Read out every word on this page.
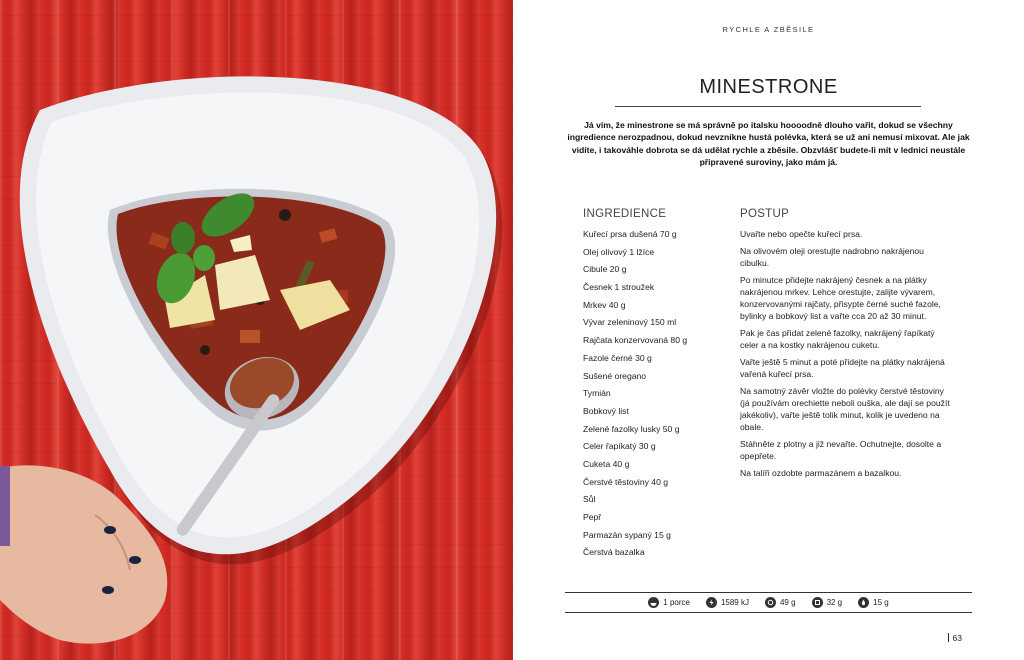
RYCHLE A ZBĚSILE
MINESTRONE

Já vím, že minestrone se má správně po italsku hoooodně dlouho vařit, dokud se všechny ingredience nerozpadnou, dokud nevznikne hustá polévka, která se už ani nemusí mixovat. Ale jak vidíte, i takováhle dobrota se dá udělat rychle a zběsile. Obzvlášť budete-li mít v lednici neustále připravené suroviny, jako mám já.

INGREDIENCE
Kuřecí prsa dušená 70 g
Olej olivový 1 lžíce
Cibule 20 g
Česnek 1 stroužek
Mrkev 40 g
Vývar zeleninový 150 ml
Rajčata konzervovaná 80 g
Fazole černé 30 g
Sušené oregano
Tymián
Bobkový list
Zelené fazolky lusky 50 g
Celer řapíkatý 30 g
Cuketa 40 g
Čerstvé těstoviny 40 g
Sůl
Pepř
Parmazán sypaný 15 g
Čerstvá bazalka
POSTUP

Uvařte nebo opečte kuřecí prsa.

Na olivovém oleji orestujte nadrobno nakrájenou cibulku.

Po minutce přidejte nakrájený česnek a na plátky nakrájenou mrkev. Lehce orestujte, zalijte vývarem, konzervovanými rajčaty, přisypte černé suché fazole, bylinky a bobkový list a vařte cca 20 až 30 minut.

Pak je čas přidat zelené fazolky, nakrájený řapíkatý celer a na kostky nakrájenou cuketu.

Vařte ještě 5 minut a poté přidejte na plátky nakrájená vařená kuřecí prsa.

Na samotný závěr vložte do polévky čerstvé těstoviny (já používám orechiette neboli ouška, ale dají se použít jakékoliv), vařte ještě tolik minut, kolik je uvedeno na obale.

Stáhněte z plotny a již nevařte. Ochutnejte, dosolte a opepřete.

Na talíři ozdobte parmazánem a bazalkou.

1 porce	1589 kJ	49 g	32 g	15 g
63
